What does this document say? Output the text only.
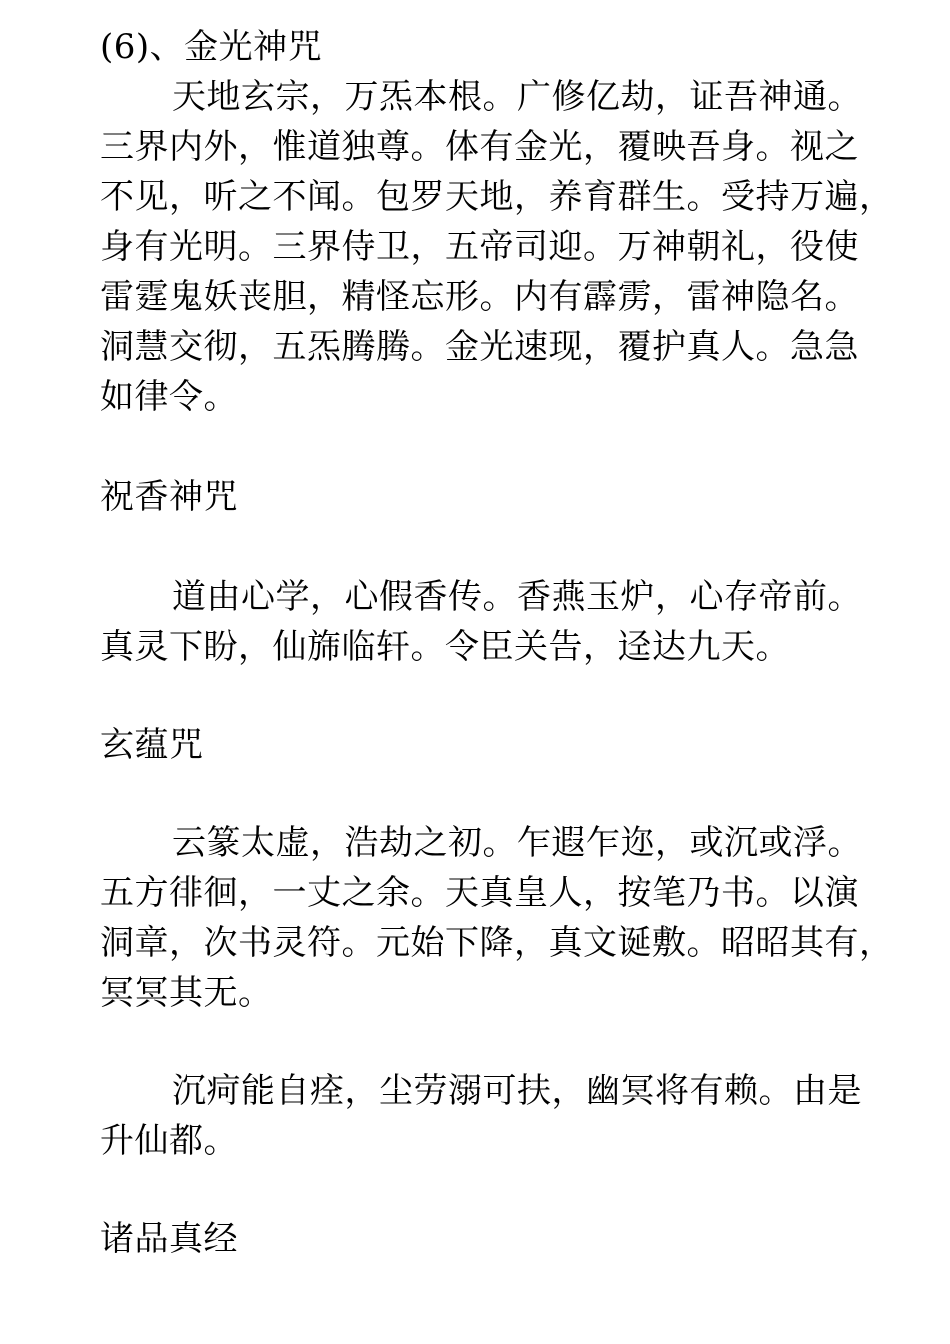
(6)、金光神咒
天地玄宗，万炁本根。广修亿劫，证吾神通。
三界内外，惟道独尊。体有金光，覆映吾身。视之
不见，听之不闻。包罗天地，养育群生。受持万遍，
身有光明。三界侍卫，五帝司迎。万神朝礼，役使
雷霆鬼妖丧胆，精怪忘形。内有霹雳，雷神隐名。
洞慧交彻，五炁腾腾。金光速现，覆护真人。急急
如律令。
祝香神咒
道由心学，心假香传。香燕玉炉，心存帝前。
真灵下盼，仙旆临轩。令臣关告，迳达九天。
玄蕴咒
云篆太虚，浩劫之初。乍遐乍迩，或沉或浮。
五方徘徊，一丈之余。天真皇人，按笔乃书。以演
洞章，次书灵符。元始下降，真文诞敷。昭昭其有，
冥冥其无。
沉疴能自痊，尘劳溺可扶，幽冥将有赖。由是
升仙都。
诸品真经
